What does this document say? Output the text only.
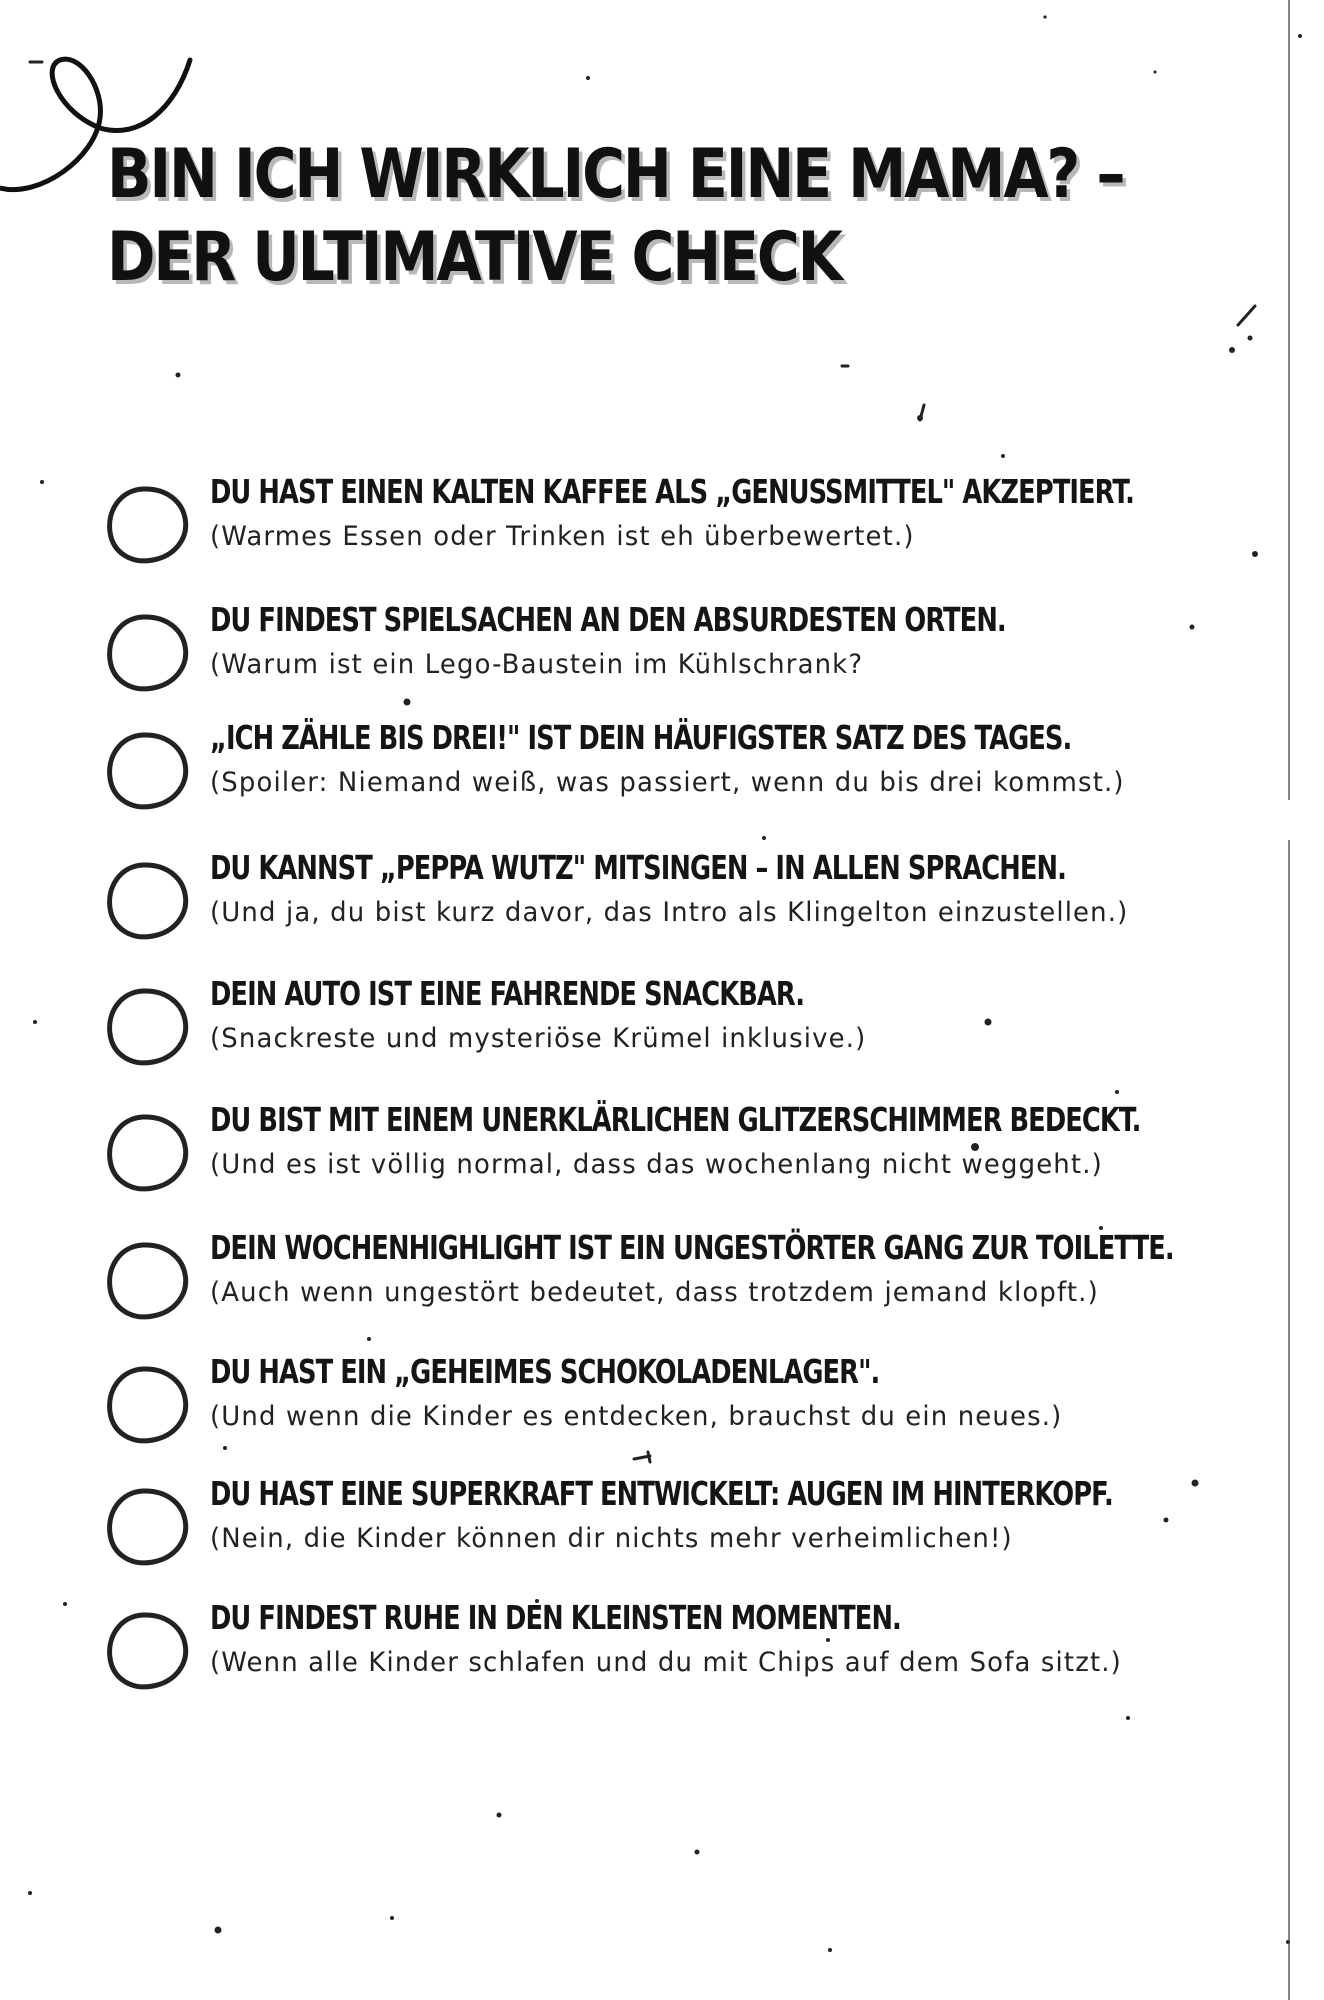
BIN ICH WIRKLICH EINE MAMA? –
DER ULTIMATIVE CHECK

DU HAST EINEN KALTEN KAFFEE ALS „GENUSSMITTEL" AKZEPTIERT.

(Warmes Essen oder Trinken ist eh überbewertet.)

DU FINDEST SPIELSACHEN AN DEN ABSURDESTEN ORTEN.

(Warum ist ein Lego-Baustein im Kühlschrank?

„ICH ZÄHLE BIS DREI!" IST DEIN HÄUFIGSTER SATZ DES TAGES.

(Spoiler: Niemand weiß, was passiert, wenn du bis drei kommst.)

DU KANNST „PEPPA WUTZ" MITSINGEN – IN ALLEN SPRACHEN.

(Und ja, du bist kurz davor, das Intro als Klingelton einzustellen.)

DEIN AUTO IST EINE FAHRENDE SNACKBAR.

(Snackreste und mysteriöse Krümel inklusive.)

DU BIST MIT EINEM UNERKLÄRLICHEN GLITZERSCHIMMER BEDECKT.

(Und es ist völlig normal, dass das wochenlang nicht weggeht.)

DEIN WOCHENHIGHLIGHT IST EIN UNGESTÖRTER GANG ZUR TOILETTE.

(Auch wenn ungestört bedeutet, dass trotzdem jemand klopft.)

DU HAST EIN „GEHEIMES SCHOKOLADENLAGER".

(Und wenn die Kinder es entdecken, brauchst du ein neues.)

DU HAST EINE SUPERKRAFT ENTWICKELT: AUGEN IM HINTERKOPF.

(Nein, die Kinder können dir nichts mehr verheimlichen!)

DU FINDEST RUHE IN DEN KLEINSTEN MOMENTEN.

(Wenn alle Kinder schlafen und du mit Chips auf dem Sofa sitzt.)
